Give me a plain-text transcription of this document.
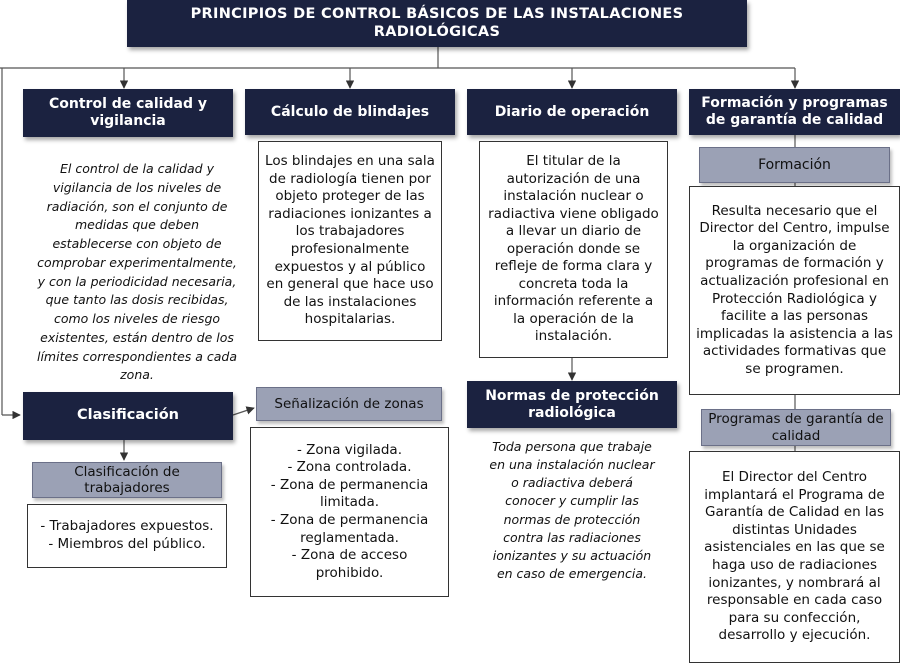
PRINCIPIOS DE CONTROL BÁSICOS DE LAS INSTALACIONES RADIOLÓGICAS
Control de calidad y vigilancia
El control de la calidad y vigilancia de los niveles de radiación, son el conjunto de medidas que deben establecerse con objeto de comprobar experimentalmente, y con la periodicidad necesaria, que tanto las dosis recibidas, como los niveles de riesgo existentes, están dentro de los límites correspondientes a cada zona.
Cálculo de blindajes
Los blindajes en una sala de radiología tienen por objeto proteger de las radiaciones ionizantes a los trabajadores profesionalmente expuestos y al público en general que hace uso de las instalaciones hospitalarias.
Diario de operación
El titular de la autorización de una instalación nuclear o radiactiva viene obligado a llevar un diario de operación donde se refleje de forma clara y concreta toda la información referente a la operación de la instalación.
Formación y programas de garantía de calidad
Formación
Resulta necesario que el Director del Centro, impulse la organización de programas de formación y actualización profesional en Protección Radiológica y facilite a las personas implicadas la asistencia a las actividades formativas que se programen.
Programas de garantía de calidad
El Director del Centro implantará el Programa de Garantía de Calidad en las distintas Unidades asistenciales en las que se haga uso de radiaciones ionizantes, y nombrará al responsable en cada caso para su confección, desarrollo y ejecución.
Clasificación
Clasificación de trabajadores
- Trabajadores expuestos.
- Miembros del público.
Señalización de zonas
- Zona vigilada.
- Zona controlada.
- Zona de permanencia limitada.
- Zona de permanencia reglamentada.
- Zona de acceso prohibido.
Normas de protección radiológica
Toda persona que trabaje en una instalación nuclear o radiactiva deberá conocer y cumplir las normas de protección contra las radiaciones ionizantes y su actuación en caso de emergencia.
